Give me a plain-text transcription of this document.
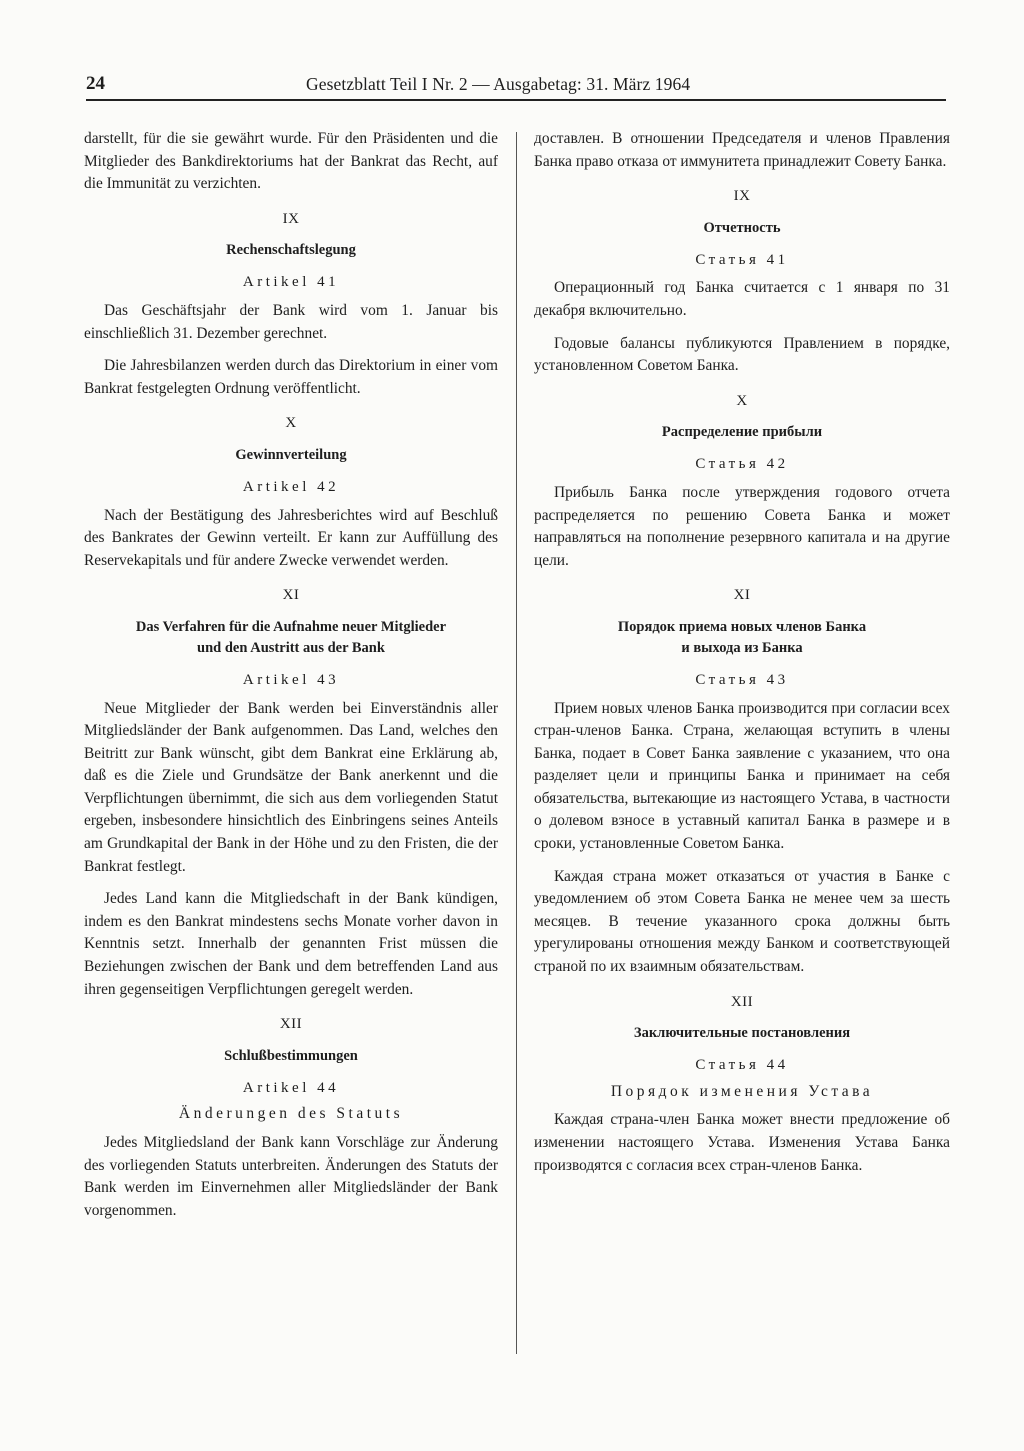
24	Gesetzblatt Teil I Nr. 2 — Ausgabetag: 31. März 1964

darstellt, für die sie gewährt wurde. Für den Präsidenten und die Mitglieder des Bankdirektoriums hat der Bankrat das Recht, auf die Immunität zu verzichten.

IX
Rechenschaftslegung
Artikel 41

Das Geschäftsjahr der Bank wird vom 1. Januar bis einschließlich 31. Dezember gerechnet.

Die Jahresbilanzen werden durch das Direktorium in einer vom Bankrat festgelegten Ordnung veröffentlicht.

X
Gewinnverteilung
Artikel 42

Nach der Bestätigung des Jahresberichtes wird auf Beschluß des Bankrates der Gewinn verteilt. Er kann zur Auffüllung des Reservekapitals und für andere Zwecke verwendet werden.

XI
Das Verfahren für die Aufnahme neuer Mitglieder
und den Austritt aus der Bank
Artikel 43

Neue Mitglieder der Bank werden bei Einverständnis aller Mitgliedsländer der Bank aufgenommen. Das Land, welches den Beitritt zur Bank wünscht, gibt dem Bankrat eine Erklärung ab, daß es die Ziele und Grundsätze der Bank anerkennt und die Verpflichtungen übernimmt, die sich aus dem vorliegenden Statut ergeben, insbesondere hinsichtlich des Einbringens seines Anteils am Grundkapital der Bank in der Höhe und zu den Fristen, die der Bankrat festlegt.

Jedes Land kann die Mitgliedschaft in der Bank kündigen, indem es den Bankrat mindestens sechs Monate vorher davon in Kenntnis setzt. Innerhalb der genannten Frist müssen die Beziehungen zwischen der Bank und dem betreffenden Land aus ihren gegenseitigen Verpflichtungen geregelt werden.

XII
Schlußbestimmungen
Artikel 44
Änderungen des Statuts

Jedes Mitgliedsland der Bank kann Vorschläge zur Änderung des vorliegenden Statuts unterbreiten. Änderungen des Statuts der Bank werden im Einvernehmen aller Mitgliedsländer der Bank vorgenommen.

доставлен. В отношении Председателя и членов Правления Банка право отказа от иммунитета принадлежит Совету Банка.

IX
Отчетность
Статья 41

Операционный год Банка считается с 1 января по 31 декабря включительно.

Годовые балансы публикуются Правлением в порядке, установленном Советом Банка.

X
Распределение прибыли
Статья 42

Прибыль Банка после утверждения годового отчета распределяется по решению Совета Банка и может направляться на пополнение резервного капитала и на другие цели.

XI
Порядок приема новых членов Банка
и выхода из Банка
Статья 43

Прием новых членов Банка производится при согласии всех стран-членов Банка. Страна, желающая вступить в члены Банка, подает в Совет Банка заявление с указанием, что она разделяет цели и принципы Банка и принимает на себя обязательства, вытекающие из настоящего Устава, в частности о долевом взносе в уставный капитал Банка в размере и в сроки, установленные Советом Банка.

Каждая страна может отказаться от участия в Банке с уведомлением об этом Совета Банка не менее чем за шесть месяцев. В течение указанного срока должны быть урегулированы отношения между Банком и соответствующей страной по их взаимным обязательствам.

XII
Заключительные постановления
Статья 44
Порядок изменения Устава

Каждая страна-член Банка может внести предложение об изменении настоящего Устава. Изменения Устава Банка производятся с согласия всех стран-членов Банка.
